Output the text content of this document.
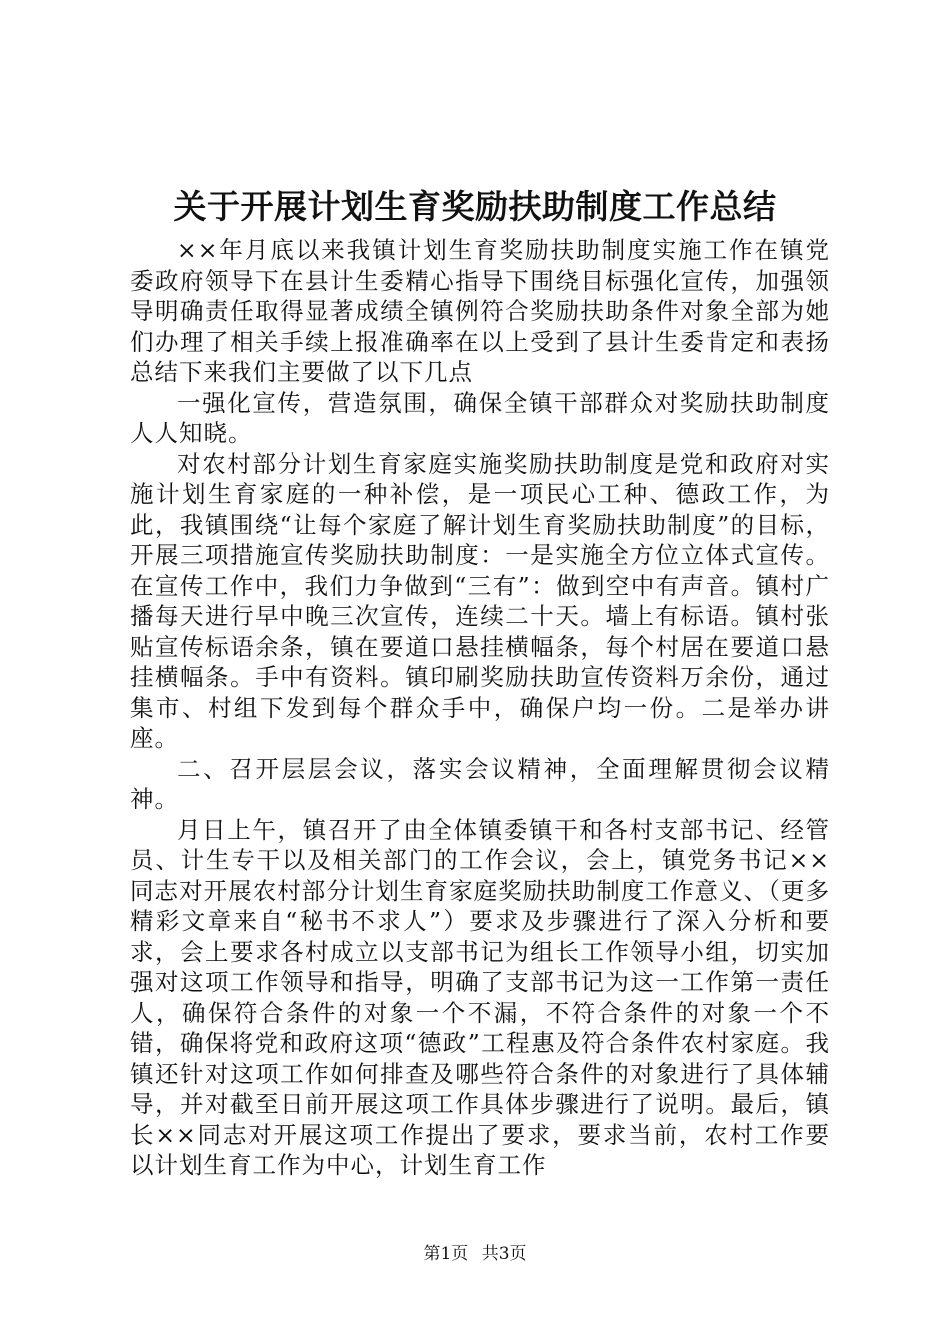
关于开展计划生育奖励扶助制度工作总结

××年月底以来我镇计划生育奖励扶助制度实施工作在镇党委政府领导下在县计生委精心指导下围绕目标强化宣传，加强领导明确责任取得显著成绩全镇例符合奖励扶助条件对象全部为她们办理了相关手续上报准确率在以上受到了县计生委肯定和表扬总结下来我们主要做了以下几点

一强化宣传，营造氛围，确保全镇干部群众对奖励扶助制度人人知晓。

对农村部分计划生育家庭实施奖励扶助制度是党和政府对实施计划生育家庭的一种补偿，是一项民心工种、德政工作，为此，我镇围绕“让每个家庭了解计划生育奖励扶助制度”的目标，开展三项措施宣传奖励扶助制度：一是实施全方位立体式宣传。在宣传工作中，我们力争做到“三有”：做到空中有声音。镇村广播每天进行早中晚三次宣传，连续二十天。墙上有标语。镇村张贴宣传标语余条，镇在要道口悬挂横幅条，每个村居在要道口悬挂横幅条。手中有资料。镇印刷奖励扶助宣传资料万余份，通过集市、村组下发到每个群众手中，确保户均一份。二是举办讲座。

二、召开层层会议，落实会议精神，全面理解贯彻会议精神。

月日上午，镇召开了由全体镇委镇干和各村支部书记、经管员、计生专干以及相关部门的工作会议，会上，镇党务书记××同志对开展农村部分计划生育家庭奖励扶助制度工作意义、（更多精彩文章来自“秘书不求人”）要求及步骤进行了深入分析和要求，会上要求各村成立以支部书记为组长工作领导小组，切实加强对这项工作领导和指导，明确了支部书记为这一工作第一责任人，确保符合条件的对象一个不漏，不符合条件的对象一个不错，确保将党和政府这项“德政”工程惠及符合条件农村家庭。我镇还针对这项工作如何排查及哪些符合条件的对象进行了具体辅导，并对截至日前开展这项工作具体步骤进行了说明。最后，镇长××同志对开展这项工作提出了要求，要求当前，农村工作要以计划生育工作为中心，计划生育工作

第1页 共3页
